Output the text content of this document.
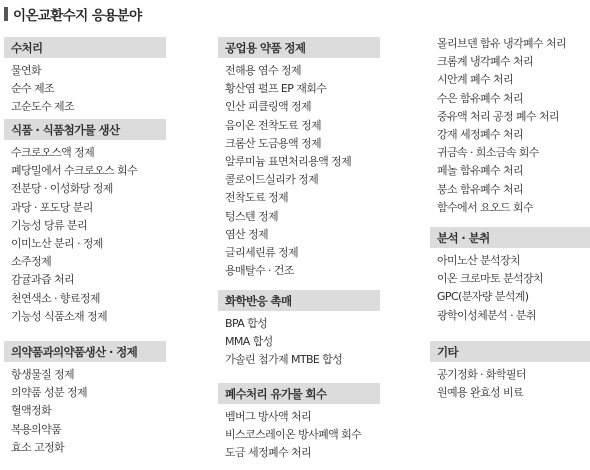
이온교환수지 응용분야
수처리
물연화
순수 제조
고순도수 제조
식품 · 식품첨가물 생산
수크로오스액 정제
폐당밀에서 수크로오스 회수
전분당 · 이성화당 정제
과당 · 포도당 분리
기능성 당류 분리
이미노산 분리 · 정제
소주정제
감귤과즙 처리
천연색소 · 향료정제
기능성 식품소재 정제
의약품과의약품생산 · 정제
항생물질 정제
의약품 성분 정제
혈액정화
복용의약품
효소 고정화
공업용 약품 정제
전해용 염수 정제
황산염 펄프 EP 재회수
인산 피클링액 정제
음이온 전착도료 정제
크롬산 도금용액 정제
알루미늄 표면처리용액 정제
콜로이드실리카 정제
전착도료 정제
텅스텐 정제
염산 정제
글리세린류 정제
용매탈수 · 건조
화학반응 촉매
BPA 합성
MMA 합성
가솔린 첨가제 MTBE 합성
폐수처리 유가물 회수
벰버그 방사액 처리
비스코스레이온 방사폐액 회수
도금 세정폐수 처리
몰리브덴 함유 냉각폐수 처리
크롬계 냉각폐수 처리
시안계 폐수 처리
수은 함유폐수 처리
중유액 처리 공정 폐수 처리
강재 세정폐수 처리
귀금속 · 희소금속 회수
페놀 함유폐수 처리
붕소 함유폐수 처리
함수에서 요오드 회수
분석 · 분취
아미노산 분석장치
이온 크로마토 분석장치
GPC(분자량 분석계)
광학이성체분석 · 분취
기타
공기정화 · 화학필터
원예용 완효성 비료
